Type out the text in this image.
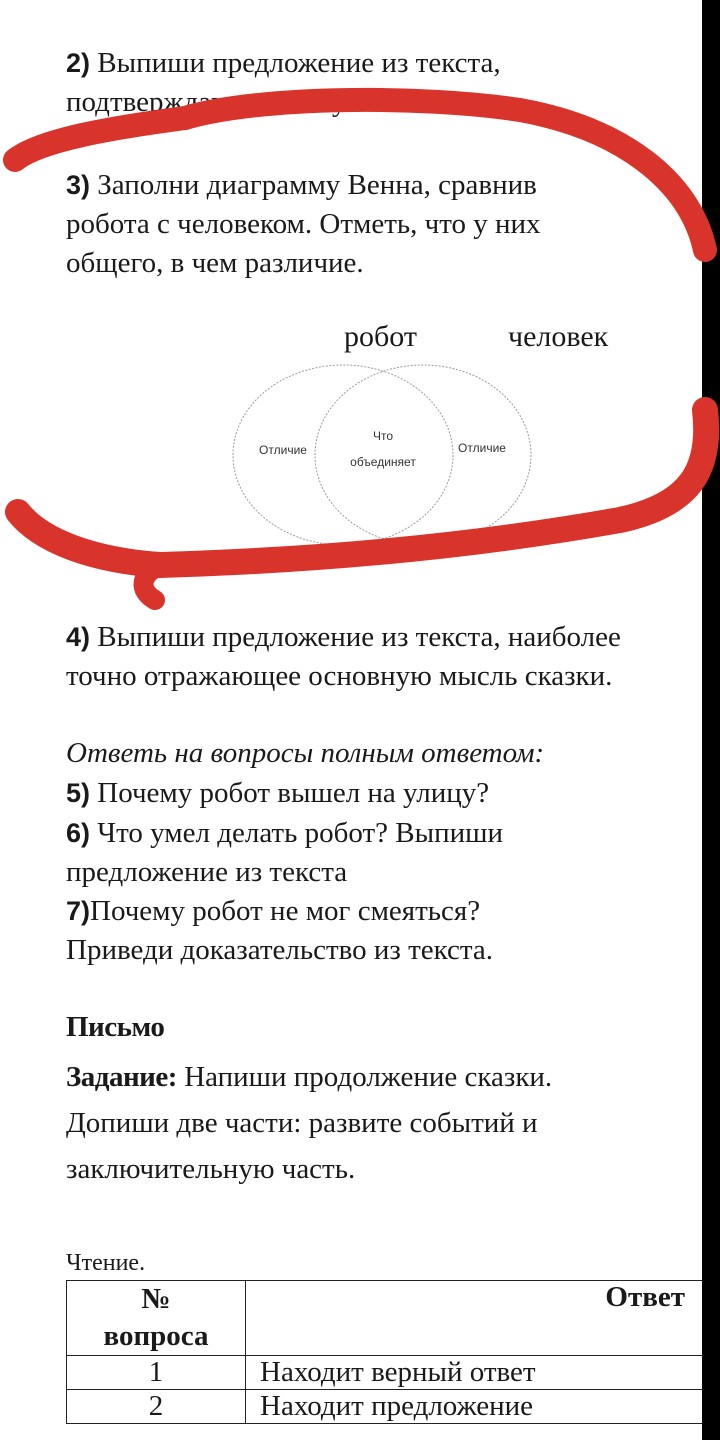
2) Выпиши предложение из текста,
подтверждающее тему текста.

3) Заполни диаграмму Венна, сравнив робота с человеком. Отметь, что у них общего, в чем различие.

робот	человек
Отличие
Что
объединяет
Отличие

4) Выпиши предложение из текста, наиболее точно отражающее основную мысль сказки.

Ответь на вопросы полным ответом:

5) Почему робот вышел на улицу?

6) Что умел делать робот? Выпиши предложение из текста

7)Почему робот не мог смеяться? Приведи доказательство из текста.

Письмо

Задание: Напиши продолжение сказки. Допиши две части: развите событий и заключительную часть.

Чтение.
№
вопроса	Ответ
1	Находит верный ответ
2	Находит предложение
